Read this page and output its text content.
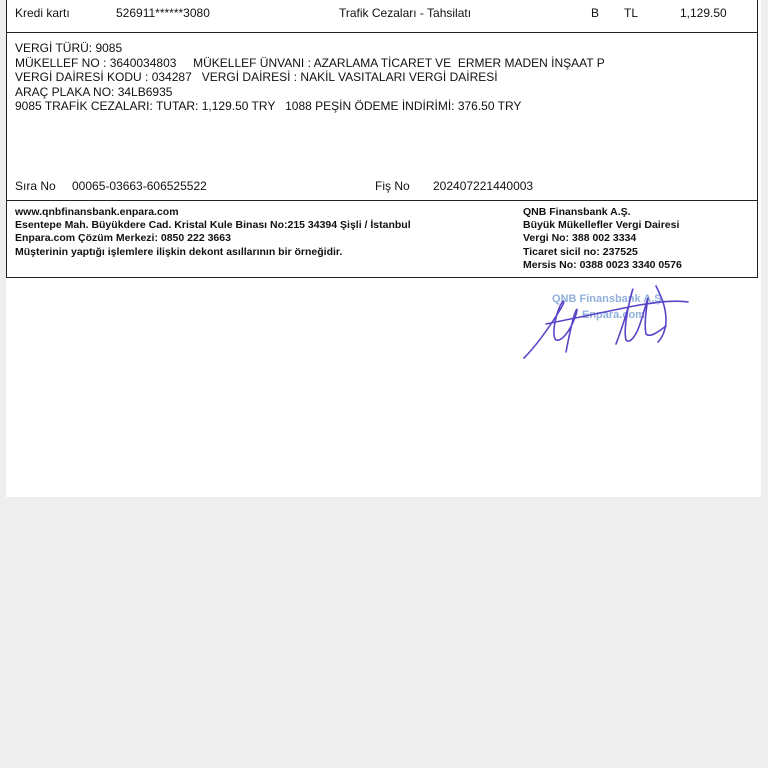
Kredi kartı	526911******3080	Trafik Cezaları - Tahsilatı	B TL	1,129.50
VERGİ TÜRÜ: 9085
MÜKELLEF NO : 3640034803     MÜKELLEF ÜNVANI : AZARLAMA TİCARET VE  ERMER MADEN İNŞAAT P
VERGİ DAİRESİ KODU : 034287   VERGİ DAİRESİ : NAKİL VASITALARI VERGİ DAİRESİ
ARAÇ PLAKA NO: 34LB6935
9085 TRAFİK CEZALARI: TUTAR: 1,129.50 TRY   1088 PEŞİN ÖDEME İNDİRİMİ: 376.50 TRY
Sıra No 00065-03663-606525522	Fiş No 202407221440003
www.qnbfinansbank.enpara.com
Esentepe Mah. Büyükdere Cad. Kristal Kule Binası No:215 34394 Şişli / İstanbul
Enpara.com Çözüm Merkezi: 0850 222 3663
Müşterinin yaptığı işlemlere ilişkin dekont asıllarının bir örneğidir.
QNB Finansbank A.Ş.
Büyük Mükellefler Vergi Dairesi
Vergi No: 388 002 3334
Ticaret sicil no: 237525
Mersis No: 0388 0023 3340 0576
QNB Finansbank A.Ş.
Enpara.com
